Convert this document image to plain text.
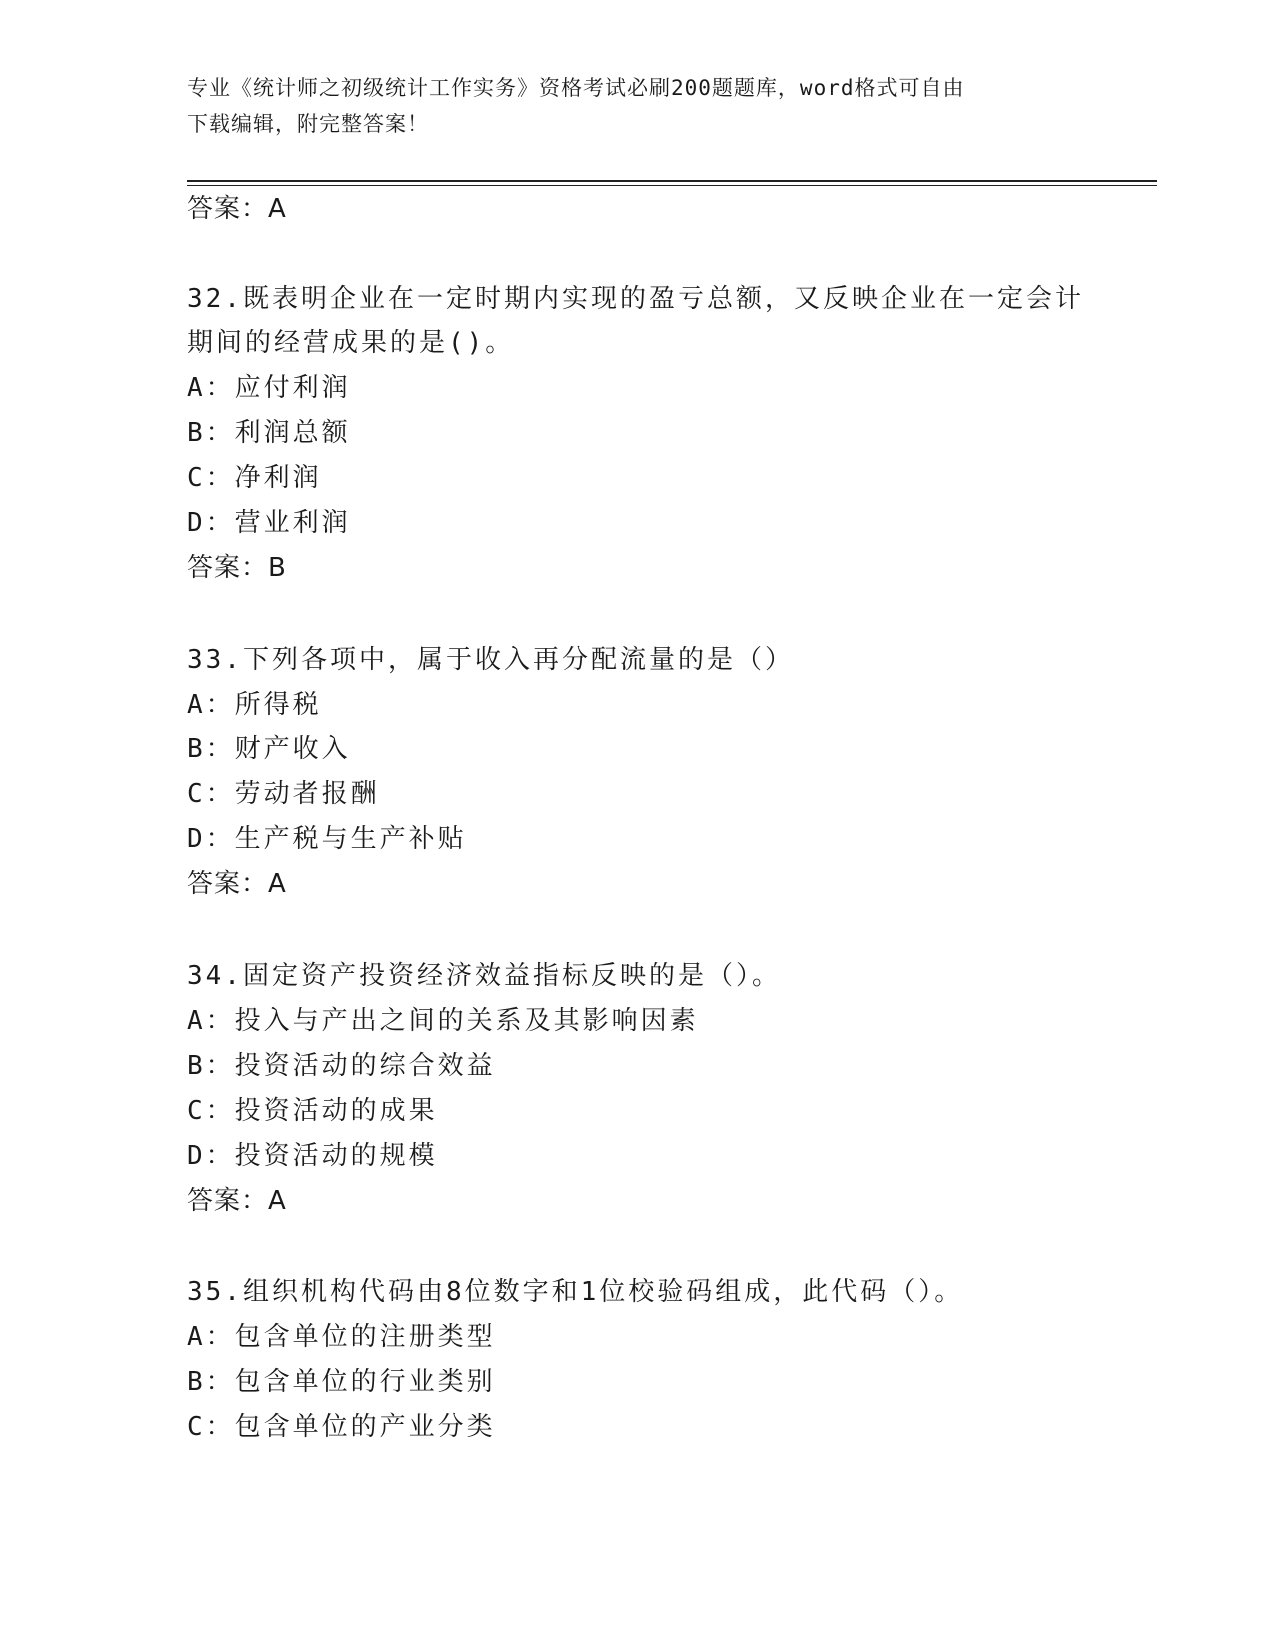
专业《统计师之初级统计工作实务》资格考试必刷200题题库，word格式可自由
下载编辑，附完整答案！
答案：A
32.既表明企业在一定时期内实现的盈亏总额，又反映企业在一定会计
期间的经营成果的是()。
A：应付利润
B：利润总额
C：净利润
D：营业利润
答案：B
33.下列各项中，属于收入再分配流量的是（）
A：所得税
B：财产收入
C：劳动者报酬
D：生产税与生产补贴
答案：A
34.固定资产投资经济效益指标反映的是（）。
A：投入与产出之间的关系及其影响因素
B：投资活动的综合效益
C：投资活动的成果
D：投资活动的规模
答案：A
35.组织机构代码由8位数字和1位校验码组成，此代码（）。
A：包含单位的注册类型
B：包含单位的行业类别
C：包含单位的产业分类
